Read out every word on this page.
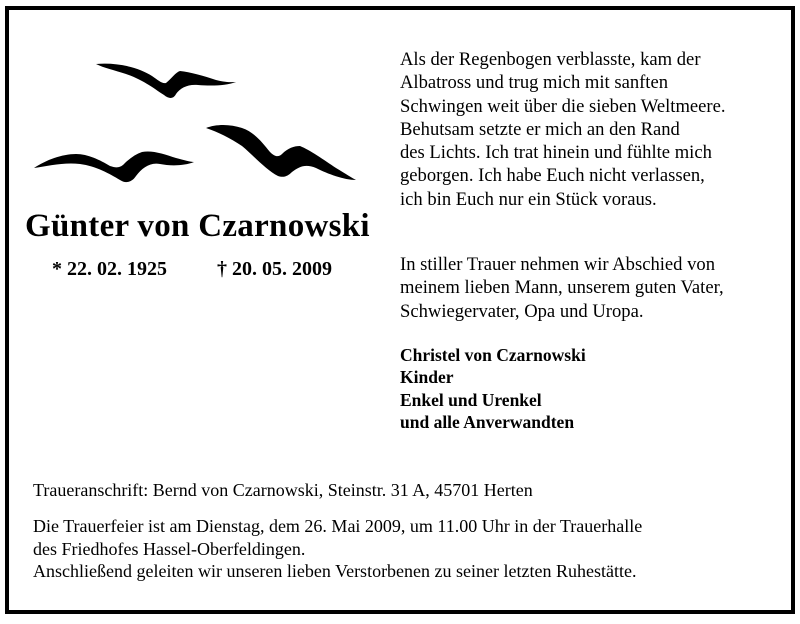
Günter von Czarnowski
* 22. 02. 1925	† 20. 05. 2009
Als der Regenbogen verblasste, kam der
Albatross und trug mich mit sanften
Schwingen weit über die sieben Weltmeere.
Behutsam setzte er mich an den Rand
des Lichts. Ich trat hinein und fühlte mich
geborgen. Ich habe Euch nicht verlassen,
ich bin Euch nur ein Stück voraus.
In stiller Trauer nehmen wir Abschied von
meinem lieben Mann, unserem guten Vater,
Schwiegervater, Opa und Uropa.
Christel von Czarnowski
Kinder
Enkel und Urenkel
und alle Anverwandten
Traueranschrift: Bernd von Czarnowski, Steinstr. 31 A, 45701 Herten
Die Trauerfeier ist am Dienstag, dem 26. Mai 2009, um 11.00 Uhr in der Trauerhalle
des Friedhofes Hassel-Oberfeldingen.
Anschließend geleiten wir unseren lieben Verstorbenen zu seiner letzten Ruhestätte.
